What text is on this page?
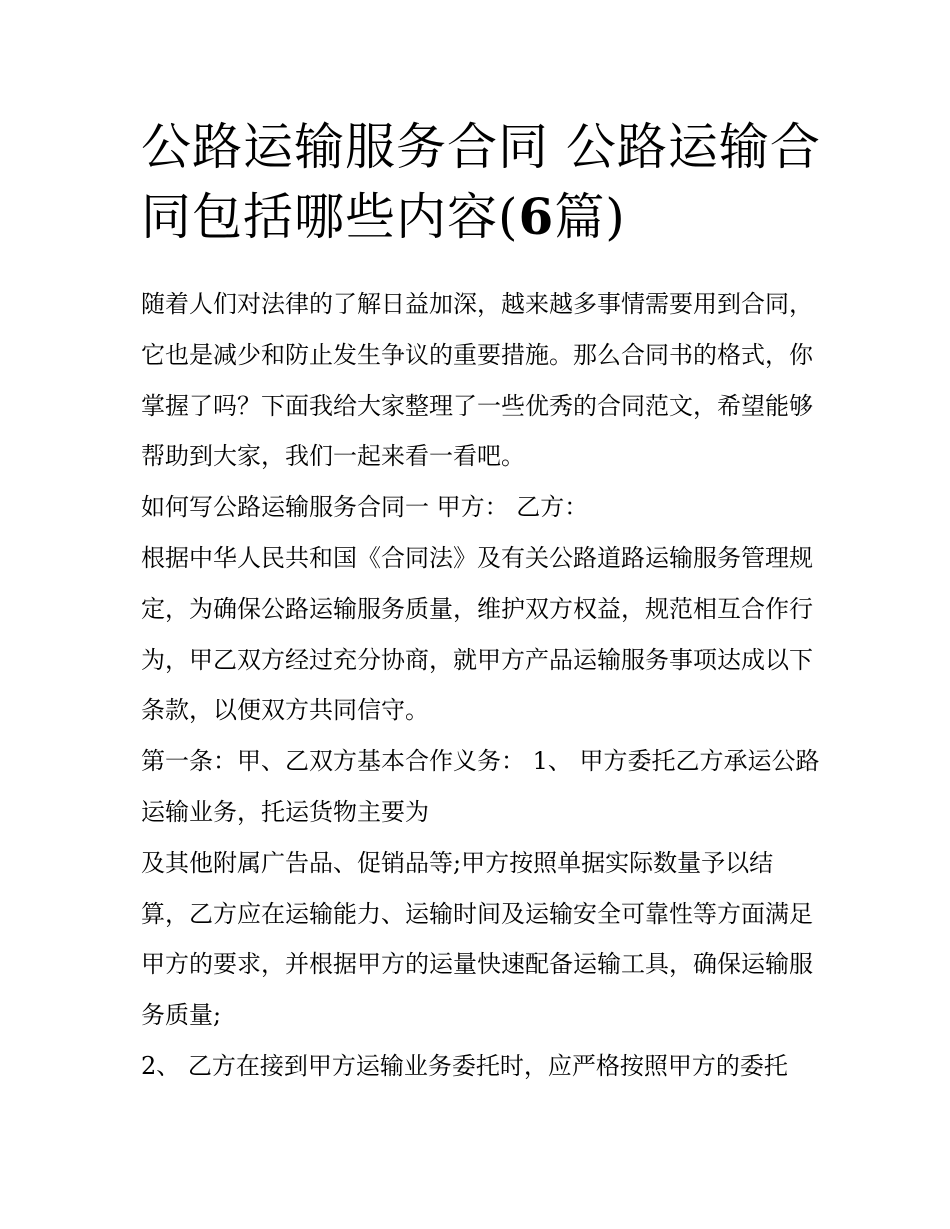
公路运输服务合同 公路运输合同包括哪些内容(6篇)

随着人们对法律的了解日益加深，越来越多事情需要用到合同，它也是减少和防止发生争议的重要措施。那么合同书的格式，你掌握了吗？下面我给大家整理了一些优秀的合同范文，希望能够帮助到大家，我们一起来看一看吧。

如何写公路运输服务合同一 甲方： 乙方：

根据中华人民共和国《合同法》及有关公路道路运输服务管理规定，为确保公路运输服务质量，维护双方权益，规范相互合作行为，甲乙双方经过充分协商，就甲方产品运输服务事项达成以下条款，以便双方共同信守。

第一条：甲、乙双方基本合作义务： 1、 甲方委托乙方承运公路运输业务，托运货物主要为

及其他附属广告品、促销品等;甲方按照单据实际数量予以结算，乙方应在运输能力、运输时间及运输安全可靠性等方面满足甲方的要求，并根据甲方的运量快速配备运输工具，确保运输服务质量;

2、 乙方在接到甲方运输业务委托时，应严格按照甲方的委托
